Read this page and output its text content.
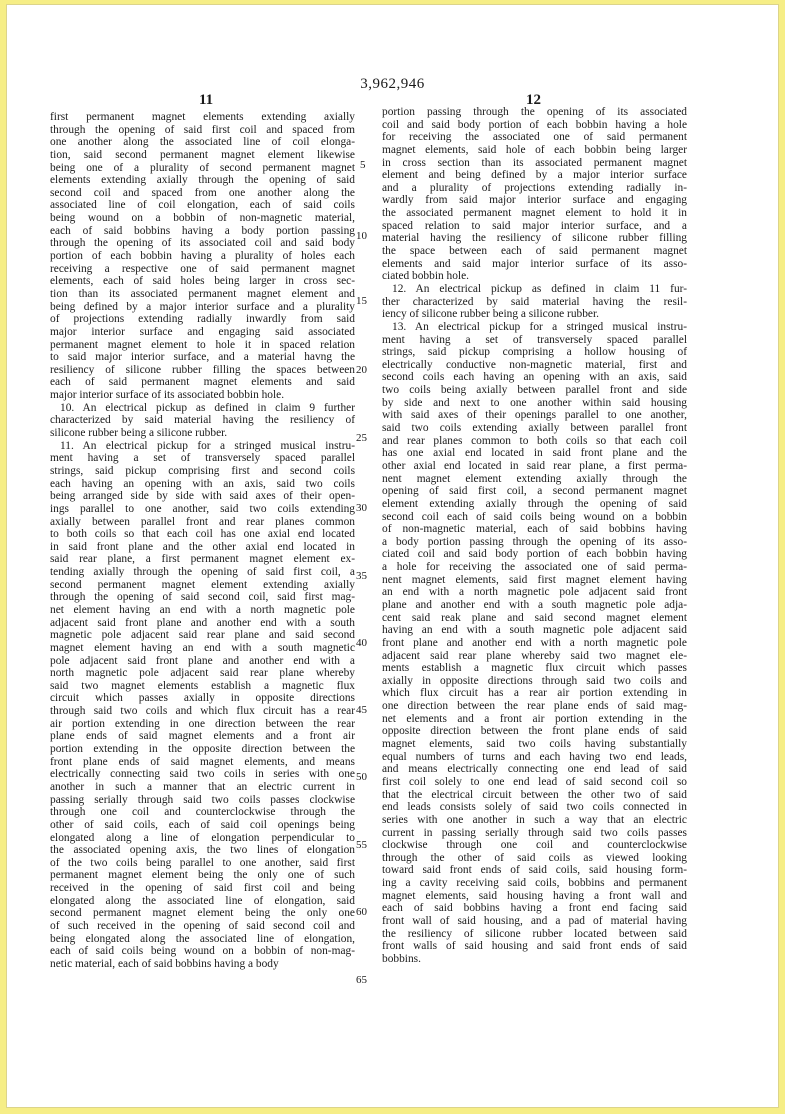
3,962,946
11	12
first permanent magnet elements extending axially
through the opening of said first coil and spaced from
one another along the associated line of coil elonga-
tion, said second permanent magnet element likewise
being one of a plurality of second permanent magnet
elements extending axially through the opening of said
second coil and spaced from one another along the
associated line of coil elongation, each of said coils
being wound on a bobbin of non-magnetic material,
each of said bobbins having a body portion passing
through the opening of its associated coil and said body
portion of each bobbin having a plurality of holes each
receiving a respective one of said permanent magnet
elements, each of said holes being larger in cross sec-
tion than its associated permanent magnet element and
being defined by a major interior surface and a plurality
of projections extending radially inwardly from said
major interior surface and engaging said associated
permanent magnet element to hole it in spaced relation
to said major interior surface, and a material havng the
resiliency of silicone rubber filling the spaces between
each of said permanent magnet elements and said
major interior surface of its associated bobbin hole.
10. An electrical pickup as defined in claim 9 further
characterized by said material having the resiliency of
silicone rubber being a silicone rubber.
11. An electrical pickup for a stringed musical instru-
ment having a set of transversely spaced parallel
strings, said pickup comprising first and second coils
each having an opening with an axis, said two coils
being arranged side by side with said axes of their open-
ings parallel to one another, said two coils extending
axially between parallel front and rear planes common
to both coils so that each coil has one axial end located
in said front plane and the other axial end located in
said rear plane, a first permanent magnet element ex-
tending axially through the opening of said first coil, a
second permanent magnet element extending axially
through the opening of said second coil, said first mag-
net element having an end with a north magnetic pole
adjacent said front plane and another end with a south
magnetic pole adjacent said rear plane and said second
magnet element having an end with a south magnetic
pole adjacent said front plane and another end with a
north magnetic pole adjacent said rear plane whereby
said two magnet elements establish a magnetic flux
circuit which passes axially in opposite directions
through said two coils and which flux circuit has a rear
air portion extending in one direction between the rear
plane ends of said magnet elements and a front air
portion extending in the opposite direction between the
front plane ends of said magnet elements, and means
electrically connecting said two coils in series with one
another in such a manner that an electric current in
passing serially through said two coils passes clockwise
through one coil and counterclockwise through the
other of said coils, each of said coil openings being
elongated along a line of elongation perpendicular to
the associated opening axis, the two lines of elongation
of the two coils being parallel to one another, said first
permanent magnet element being the only one of such
received in the opening of said first coil and being
elongated along the associated line of elongation, said
second permanent magnet element being the only one
of such received in the opening of said second coil and
being elongated along the associated line of elongation,
each of said coils being wound on a bobbin of non-mag-
netic material, each of said bobbins having a body
5
10
15
20
25
30
35
40
45
50
55
60
65
portion passing through the opening of its associated
coil and said body portion of each bobbin having a hole
for receiving the associated one of said permanent
magnet elements, said hole of each bobbin being larger
in cross section than its associated permanent magnet
element and being defined by a major interior surface
and a plurality of projections extending radially in-
wardly from said major interior surface and engaging
the associated permanent magnet element to hold it in
spaced relation to said major interior surface, and a
material having the resiliency of silicone rubber filling
the space between each of said permanent magnet
elements and said major interior surface of its asso-
ciated bobbin hole.
12. An electrical pickup as defined in claim 11 fur-
ther characterized by said material having the resil-
iency of silicone rubber being a silicone rubber.
13. An electrical pickup for a stringed musical instru-
ment having a set of transversely spaced parallel
strings, said pickup comprising a hollow housing of
electrically conductive non-magnetic material, first and
second coils each having an opening with an axis, said
two coils being axially between parallel front and side
by side and next to one another within said housing
with said axes of their openings parallel to one another,
said two coils extending axially between parallel front
and rear planes common to both coils so that each coil
has one axial end located in said front plane and the
other axial end located in said rear plane, a first perma-
nent magnet element extending axially through the
opening of said first coil, a second permanent magnet
element extending axially through the opening of said
second coil each of said coils being wound on a bobbin
of non-magnetic material, each of said bobbins having
a body portion passing through the opening of its asso-
ciated coil and said body portion of each bobbin having
a hole for receiving the associated one of said perma-
nent magnet elements, said first magnet element having
an end with a north magnetic pole adjacent said front
plane and another end with a south magnetic pole adja-
cent said reak plane and said second magnet element
having an end with a south magnetic pole adjacent said
front plane and another end with a north magnetic pole
adjacent said rear plane whereby said two magnet ele-
ments establish a magnetic flux circuit which passes
axially in opposite directions through said two coils and
which flux circuit has a rear air portion extending in
one direction between the rear plane ends of said mag-
net elements and a front air portion extending in the
opposite direction between the front plane ends of said
magnet elements, said two coils having substantially
equal numbers of turns and each having two end leads,
and means electrically connecting one end lead of said
first coil solely to one end lead of said second coil so
that the electrical circuit between the other two of said
end leads consists solely of said two coils connected in
series with one another in such a way that an electric
current in passing serially through said two coils passes
clockwise through one coil and counterclockwise
through the other of said coils as viewed looking
toward said front ends of said coils, said housing form-
ing a cavity receiving said coils, bobbins and permanent
magnet elements, said housing having a front wall and
each of said bobbins having a front end facing said
front wall of said housing, and a pad of material having
the resiliency of silicone rubber located between said
front walls of said housing and said front ends of said
bobbins.
